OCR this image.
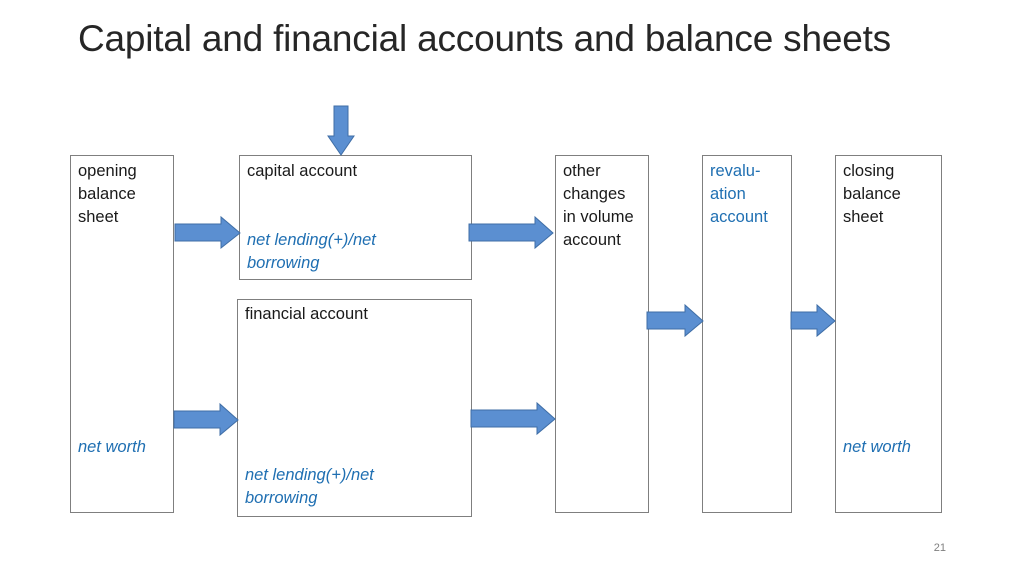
Capital and financial accounts and balance sheets
opening
balance
sheet
net worth
capital account
net lending(+)/net
borrowing
financial account
net lending(+)/net
borrowing
other
changes
in volume
account
revalu-
ation
account
closing
balance
sheet
net worth
21
